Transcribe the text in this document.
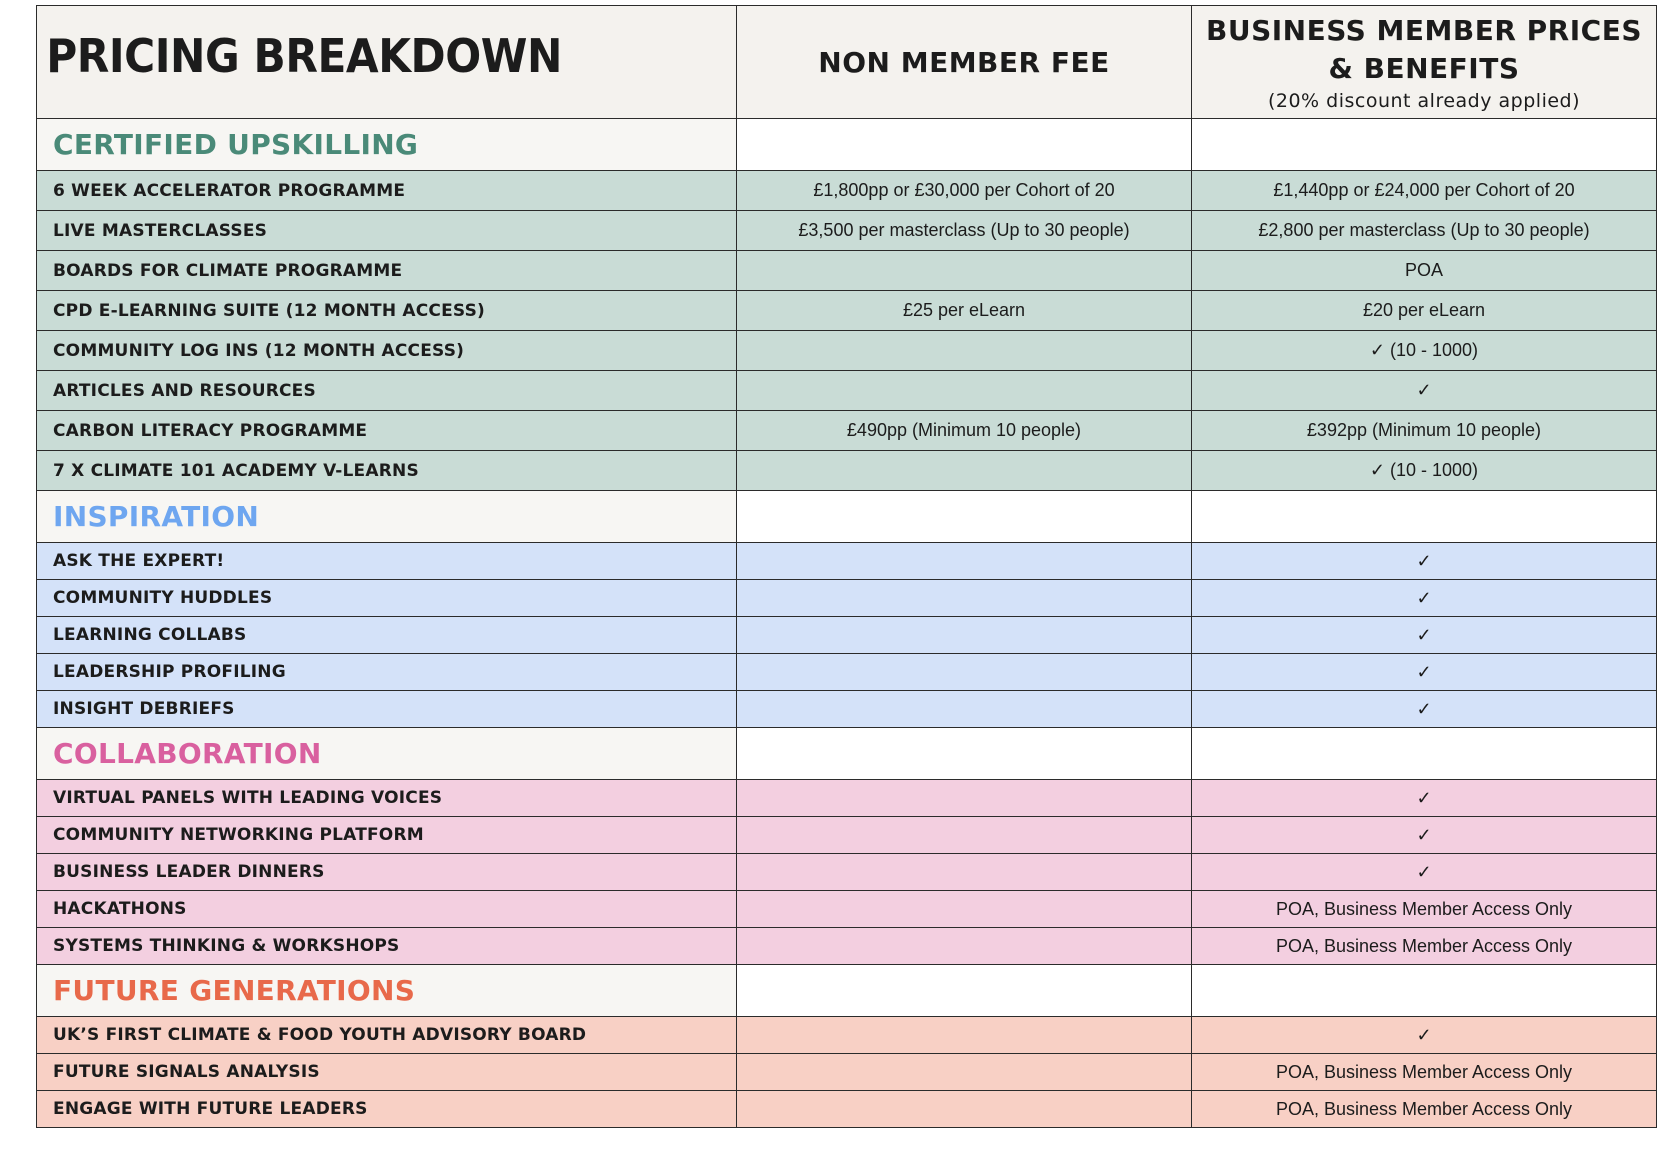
PRICING BREAKDOWN	NON MEMBER FEE	BUSINESS MEMBER PRICES
& BENEFITS
(20% discount already applied)

CERTIFIED UPSKILLING		
6 WEEK ACCELERATOR PROGRAMME	£1,800pp or £30,000 per Cohort of 20	£1,440pp or £24,000 per Cohort of 20
LIVE MASTERCLASSES	£3,500 per masterclass (Up to 30 people)	£2,800 per masterclass (Up to 30 people)
BOARDS FOR CLIMATE PROGRAMME		POA
CPD E-LEARNING SUITE (12 MONTH ACCESS)	£25 per eLearn	£20 per eLearn
COMMUNITY LOG INS (12 MONTH ACCESS)		✓ (10 - 1000)
ARTICLES AND RESOURCES		✓
CARBON LITERACY PROGRAMME	£490pp (Minimum 10 people)	£392pp (Minimum 10 people)
7 X CLIMATE 101 ACADEMY V-LEARNS		✓ (10 - 1000)
INSPIRATION		
ASK THE EXPERT!		✓
COMMUNITY HUDDLES		✓
LEARNING COLLABS		✓
LEADERSHIP PROFILING		✓
INSIGHT DEBRIEFS		✓
COLLABORATION		
VIRTUAL PANELS WITH LEADING VOICES		✓
COMMUNITY NETWORKING PLATFORM		✓
BUSINESS LEADER DINNERS		✓
HACKATHONS		POA, Business Member Access Only
SYSTEMS THINKING & WORKSHOPS		POA, Business Member Access Only
FUTURE GENERATIONS		
UK’S FIRST CLIMATE & FOOD YOUTH ADVISORY BOARD		✓
FUTURE SIGNALS ANALYSIS		POA, Business Member Access Only
ENGAGE WITH FUTURE LEADERS		POA, Business Member Access Only
